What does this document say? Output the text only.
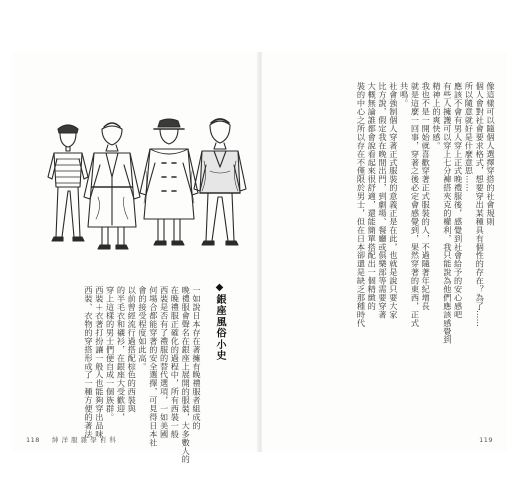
◆銀座風俗小史
一如說日本存在著擁有晚禮服者組成的
晚禮服會聲名在銀座上展開的服裝，大多數人的
在晚禮服正確化的過程中，所有西裝一般
西裝是否有了禮服的替代選項，一如美國
何場合都能穿著的安全選擇，可見得日本社
會的接受程度如此高。
以前曾經流行過搭配棕色的西裝與
的半毛衣和襯衫，在銀座大受歡迎，
穿上這樣的男士們便自成一個族群。
西裝＋衣著打扮讓一般人也能夠穿出品味，
西裝、衣物的穿搭形成了一種方便的著法
118 紳 洋 服 雜 學 百 科
像這樣可以隨個人選擇穿搭的社會規則
個人會對社會要求格式，想要穿出某種具有個性的存在？為了……
所以隨意就好是什麼意思……
應該不會有男人穿上正式晚禮服後，感覺到社會給予的安心感吧
有些人擁護可以穿上七分褲搭夾克的權利，我只能說為他們應該感覺到
精神上的爽快感。
我也不是一開始就喜歡穿著正式服裝的人，不過隨著年紀增長
就是這麼一回事，穿著之後必定會感覺到，果然穿著的東西，正式
共鳴。
社會強制個人穿著正式服裝的意義正是在此，也就是說只要大家
比方說，假定我在晚間出門，到劇場、餐廳或俱樂部等需要穿著
大概無論誰都會說看起來很舒適，還能簡單搭配出一個精緻的
裝的中心之所以存在不僅限於男士，但在日本卻還是缺乏那種時代
119
